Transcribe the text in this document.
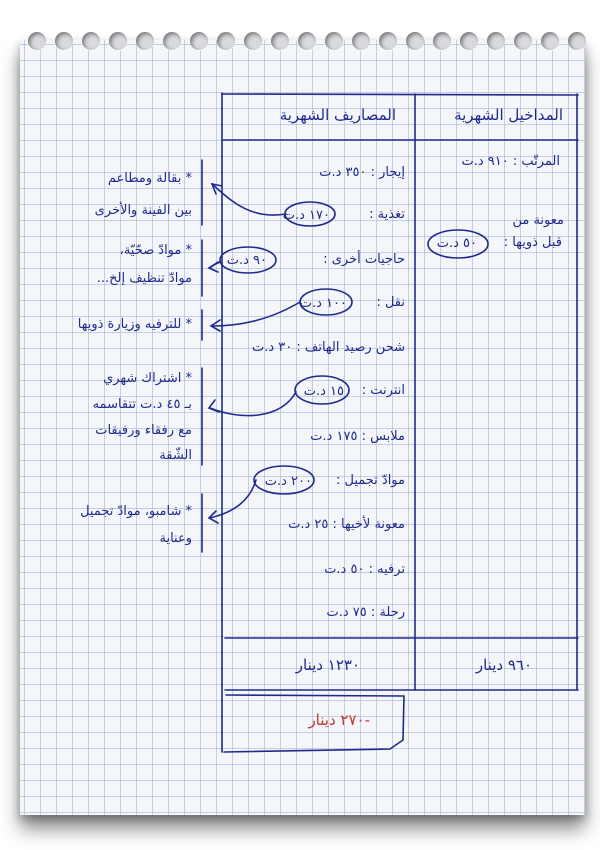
المداخيل الشهرية
المصاريف الشهرية
المرتّب : ٩١٠ د.ت
معونة من
قبل ذويها :
٥٠ د.ت
إيجار : ٣٥٠ د.ت
تغذية :
١٧٠ د.ت
حاجيات أخرى :
٩٠ د.ت
نقل :
١٠٠ د.ت
شحن رصيد الهاتف : ٣٠ د.ت
انترنت :
١٥ د.ت
ملابس : ١٧٥ د.ت
موادّ تجميل :
٢٠٠ د.ت
معونة لأخيها : ٢٥ د.ت
ترفيه : ٥٠ د.ت
رحلة : ٧٥ د.ت
٩٦٠ دينار
١٢٣٠ دينار
-٢٧٠ دينار
* بقالة ومطاعم
بين الفينة والأخرى
* موادّ صحّيّة،
موادّ تنظيف إلخ...
* للترفيه وزيارة ذويها
* اشتراك شهري
بـ ٤٥ د.ت تتقاسمه
مع رفقاء ورفيقات
الشّقة
* شامبو، موادّ تجميل
وعناية
